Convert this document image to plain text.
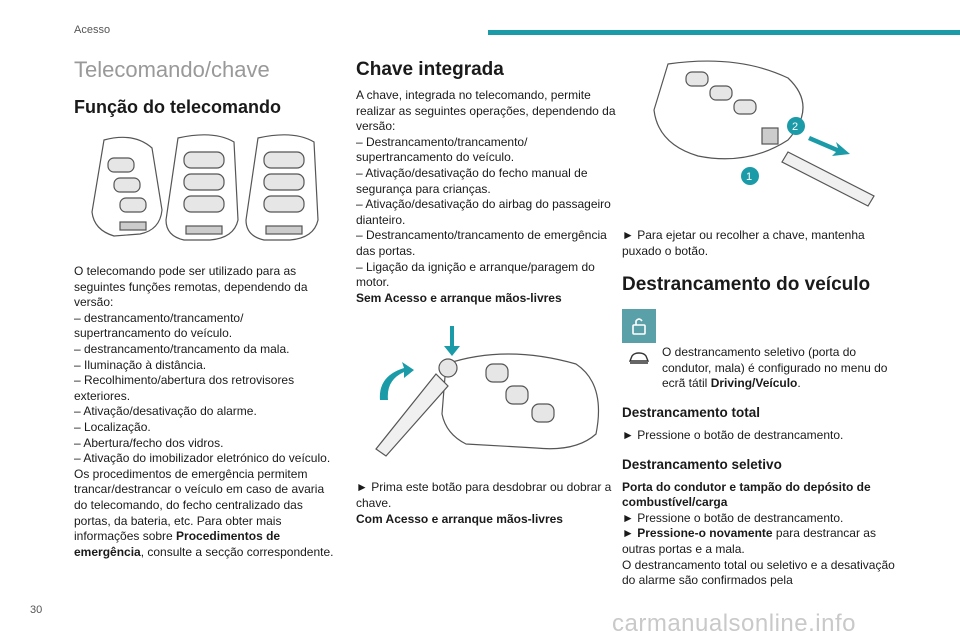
Acesso
Telecomando/chave
Função do telecomando

O telecomando pode ser utilizado para as seguintes funções remotas, dependendo da versão:

– destrancamento/trancamento/ supertrancamento do veículo.

– destrancamento/trancamento da mala.

– Iluminação à distância.

– Recolhimento/abertura dos retrovisores exteriores.

– Ativação/desativação do alarme.

– Localização.

– Abertura/fecho dos vidros.

– Ativação do imobilizador eletrónico do veículo.

Os procedimentos de emergência permitem trancar/destrancar o veículo em caso de avaria do telecomando, do fecho centralizado das portas, da bateria, etc. Para obter mais informações sobre Procedimentos de emergência, consulte a secção correspondente.

Chave integrada

A chave, integrada no telecomando, permite realizar as seguintes operações, dependendo da versão:

– Destrancamento/trancamento/ supertrancamento do veículo.

– Ativação/desativação do fecho manual de segurança para crianças.

– Ativação/desativação do airbag do passageiro dianteiro.

– Destrancamento/trancamento de emergência das portas.

– Ligação da ignição e arranque/paragem do motor.

Sem Acesso e arranque mãos-livres

► Prima este botão para desdobrar ou dobrar a chave.

Com Acesso e arranque mãos-livres

1
2

► Para ejetar ou recolher a chave, mantenha puxado o botão.

Destrancamento do veículo

O destrancamento seletivo (porta do condutor, mala) é configurado no menu do ecrã tátil Driving/Veículo.

Destrancamento total

► Pressione o botão de destrancamento.

Destrancamento seletivo

Porta do condutor e tampão do depósito de combustível/carga

► Pressione o botão de destrancamento.

► Pressione-o novamente para destrancar as outras portas e a mala.

O destrancamento total ou seletivo e a desativação do alarme são confirmados pela

30	carmanualsonline.info
